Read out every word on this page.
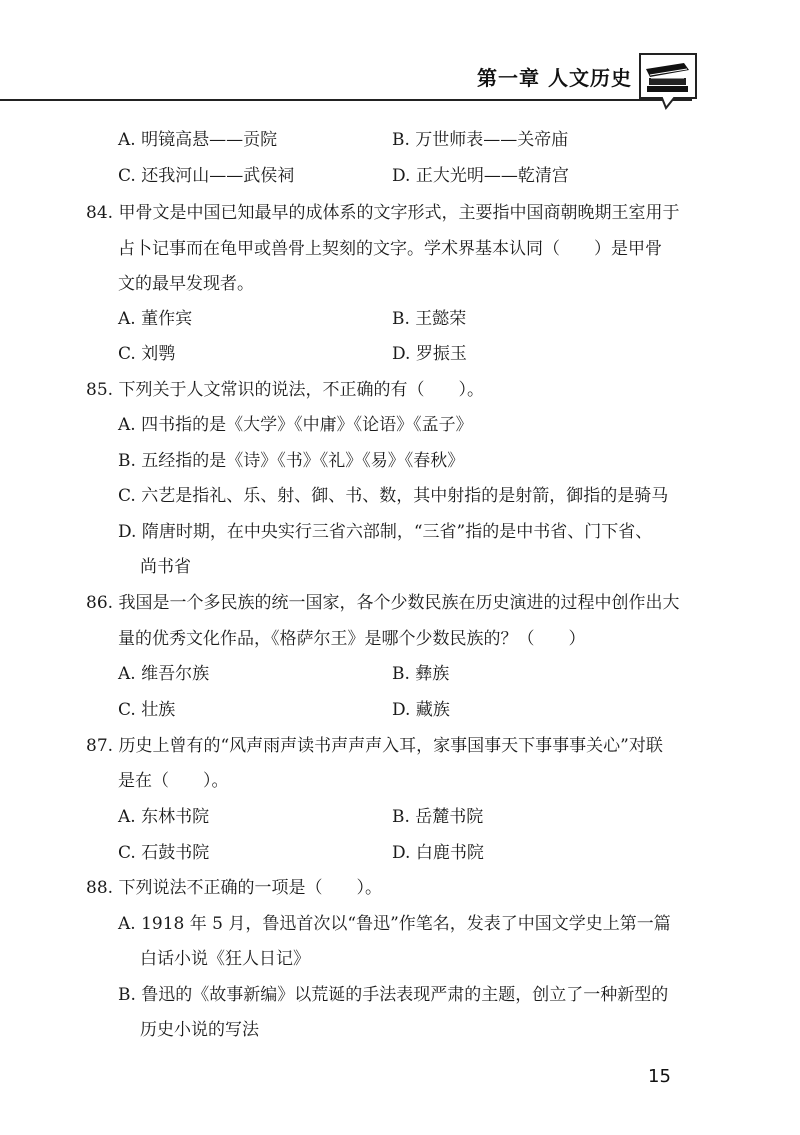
第一章 人文历史
A. 明镜高悬——贡院	B. 万世师表——关帝庙
C. 还我河山——武侯祠	D. 正大光明——乾清宫
84. 甲骨文是中国已知最早的成体系的文字形式，主要指中国商朝晚期王室用于
占卜记事而在龟甲或兽骨上契刻的文字。学术界基本认同（　　）是甲骨
文的最早发现者。
A. 董作宾	B. 王懿荣
C. 刘鹗	D. 罗振玉
85. 下列关于人文常识的说法，不正确的有（　　）。
A. 四书指的是《大学》《中庸》《论语》《孟子》
B. 五经指的是《诗》《书》《礼》《易》《春秋》
C. 六艺是指礼、乐、射、御、书、数，其中射指的是射箭，御指的是骑马
D. 隋唐时期，在中央实行三省六部制，“三省”指的是中书省、门下省、
尚书省
86. 我国是一个多民族的统一国家，各个少数民族在历史演进的过程中创作出大
量的优秀文化作品，《格萨尔王》是哪个少数民族的？（　　）
A. 维吾尔族	B. 彝族
C. 壮族	D. 藏族
87. 历史上曾有的“风声雨声读书声声声入耳，家事国事天下事事事关心”对联
是在（　　）。
A. 东林书院	B. 岳麓书院
C. 石鼓书院	D. 白鹿书院
88. 下列说法不正确的一项是（　　）。
A. 1918 年 5 月，鲁迅首次以“鲁迅”作笔名，发表了中国文学史上第一篇
白话小说《狂人日记》
B. 鲁迅的《故事新编》以荒诞的手法表现严肃的主题，创立了一种新型的
历史小说的写法
15
